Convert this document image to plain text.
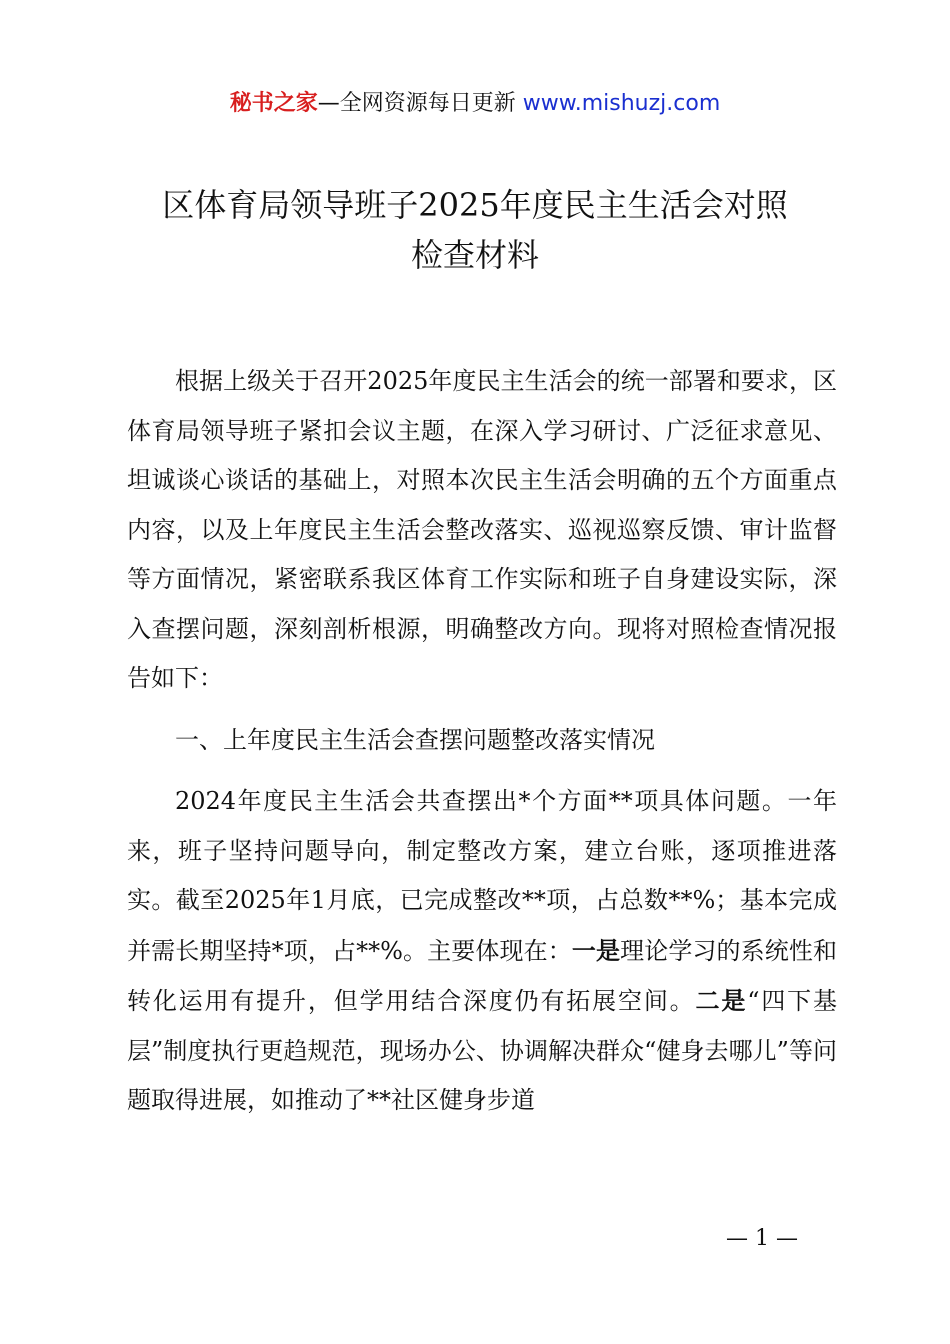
秘书之家—全网资源每日更新 www.mishuzj.com
区体育局领导班子2025年度民主生活会对照
检查材料

根据上级关于召开2025年度民主生活会的统一部署和要求，区体育局领导班子紧扣会议主题，在深入学习研讨、广泛征求意见、坦诚谈心谈话的基础上，对照本次民主生活会明确的五个方面重点内容，以及上年度民主生活会整改落实、巡视巡察反馈、审计监督等方面情况，紧密联系我区体育工作实际和班子自身建设实际，深入查摆问题，深刻剖析根源，明确整改方向。现将对照检查情况报告如下：

一、上年度民主生活会查摆问题整改落实情况

2024年度民主生活会共查摆出*个方面**项具体问题。一年来，班子坚持问题导向，制定整改方案，建立台账，逐项推进落实。截至2025年1月底，已完成整改**项，占总数**%；基本完成并需长期坚持*项，占**%。主要体现在：一是理论学习的系统性和转化运用有提升，但学用结合深度仍有拓展空间。二是“四下基层”制度执行更趋规范，现场办公、协调解决群众“健身去哪儿”等问题取得进展，如推动了**社区健身步道

— 1 —
